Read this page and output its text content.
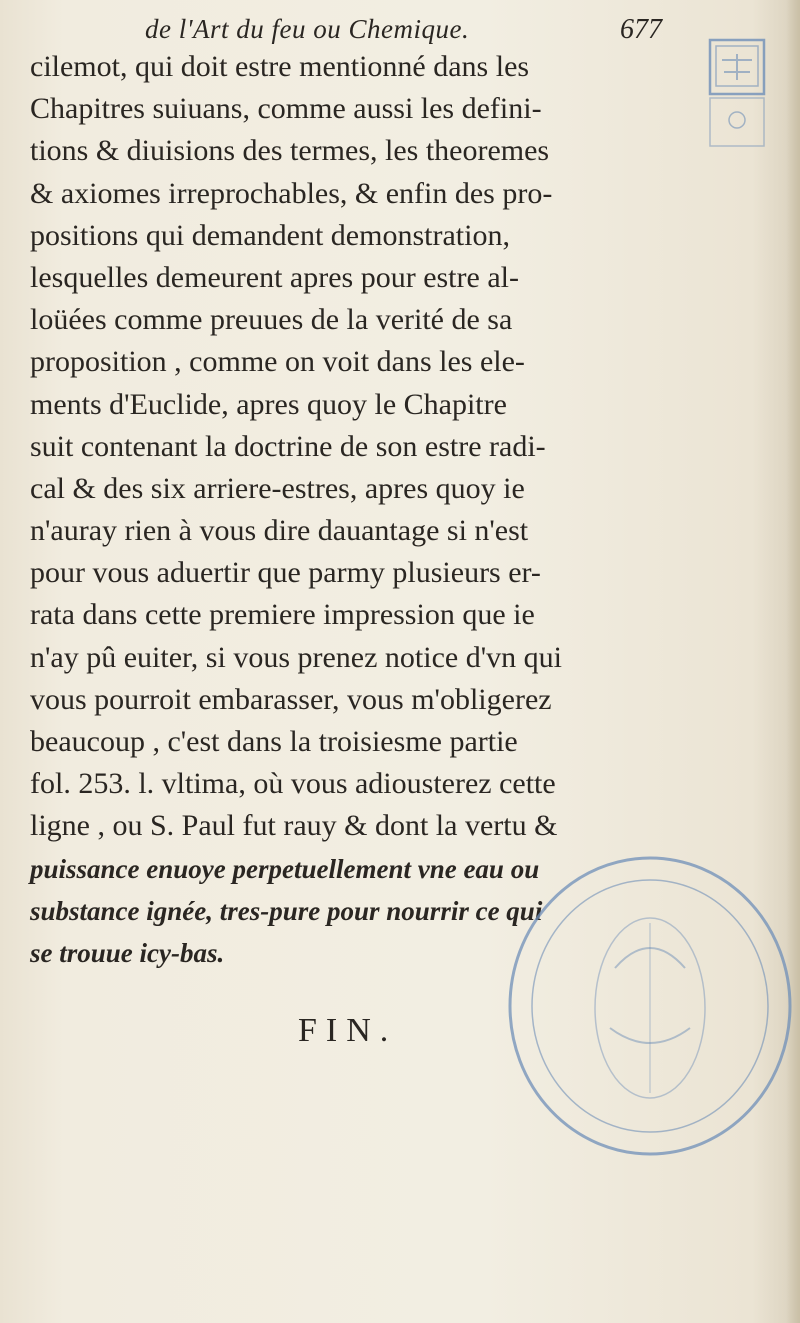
de l'Art du feu ou Chemique.	677
cilemot, qui doit estre mentionné dans les
Chapitres suiuans, comme aussi les defini-
tions & diuisions des termes, les theoremes
& axiomes irreprochables, & enfin des pro-
positions qui demandent demonstration,
lesquelles demeurent apres pour estre al-
loüées comme preuues de la verité de sa
proposition , comme on voit dans les ele-
ments d'Euclide, apres quoy le Chapitre
suit contenant la doctrine de son estre radi-
cal & des six arriere-estres, apres quoy ie
n'auray rien à vous dire dauantage si n'est
pour vous aduertir que parmy plusieurs er-
rata dans cette premiere impression que ie
n'ay pû euiter, si vous prenez notice d'vn qui
vous pourroit embarasser, vous m'obligerez
beaucoup , c'est dans la troisiesme partie
fol. 253. l. vltima, où vous adiousterez cette
ligne , ou S. Paul fut rauy & dont la vertu &
puissance enuoye perpetuellement vne eau ou
substance ignée, tres-pure pour nourrir ce qui
se trouue icy-bas.
FIN.
